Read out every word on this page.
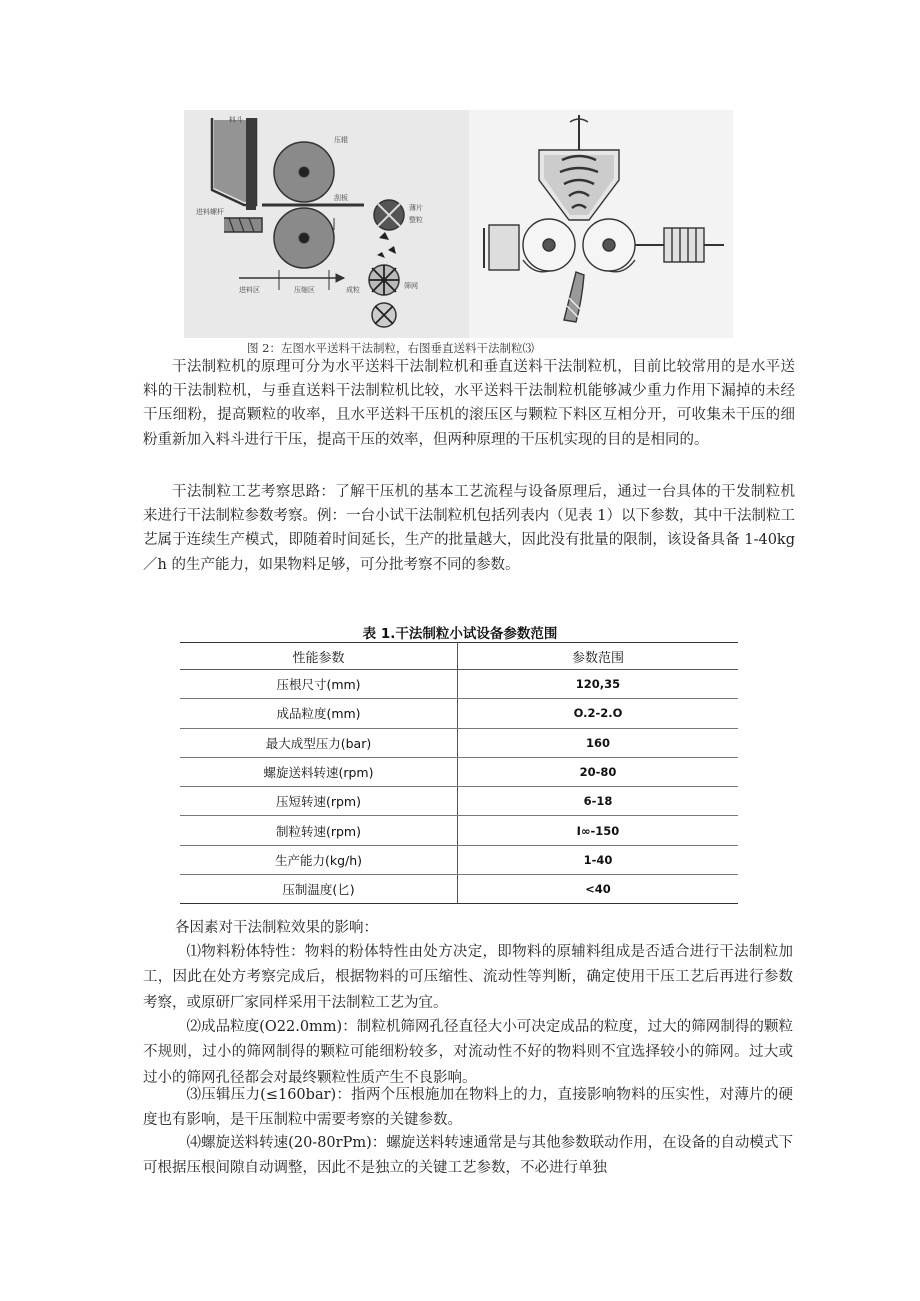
料斗
进料螺杆
压辊
刮板
薄片
整粒
筛网
进料区	压缩区	成粒
图 2：左图水平送料干法制粒，右图垂直送料干法制粒⑶

干法制粒机的原理可分为水平送料干法制粒机和垂直送料干法制粒机，目前比较常用的是水平送料的干法制粒机，与垂直送料干法制粒机比较，水平送料干法制粒机能够减少重力作用下漏掉的未经干压细粉，提高颗粒的收率，且水平送料干压机的滚压区与颗粒下料区互相分开，可收集未干压的细粉重新加入料斗进行干压，提高干压的效率，但两种原理的干压机实现的目的是相同的。

干法制粒工艺考察思路：了解干压机的基本工艺流程与设备原理后，通过一台具体的干发制粒机来进行干法制粒参数考察。例：一台小试干法制粒机包括列表内（见表 1）以下参数，其中干法制粒工艺属于连续生产模式，即随着时间延长，生产的批量越大，因此没有批量的限制，该设备具备 1-40kg／h 的生产能力，如果物料足够，可分批考察不同的参数。

表 1.干法制粒小试设备参数范围
性能参数	参数范围
压根尺寸(mm)	120,35
成品粒度(mm)	O.2-2.O
最大成型压力(bar)	160
螺旋送料转速(rpm)	20-80
压短转速(rpm)	6-18
制粒转速(rpm)	I∞-150
生产能力(kg/h)	1-40
压制温度(匕)	<40
各因素对干法制粒效果的影响：

⑴物料粉体特性：物料的粉体特性由处方决定，即物料的原辅料组成是否适合进行干法制粒加工，因此在处方考察完成后，根据物料的可压缩性、流动性等判断，确定使用干压工艺后再进行参数考察，或原研厂家同样采用干法制粒工艺为宜。

⑵成品粒度(O22.0mm)：制粒机筛网孔径直径大小可决定成品的粒度，过大的筛网制得的颗粒不规则，过小的筛网制得的颗粒可能细粉较多，对流动性不好的物料则不宜选择较小的筛网。过大或过小的筛网孔径都会对最终颗粒性质产生不良影响。

⑶压辑压力(≤160bar)：指两个压根施加在物料上的力，直接影响物料的压实性，对薄片的硬度也有影响，是干压制粒中需要考察的关键参数。

⑷螺旋送料转速(20-80rPm)：螺旋送料转速通常是与其他参数联动作用，在设备的自动模式下可根据压根间隙自动调整，因此不是独立的关键工艺参数，不必进行单独
